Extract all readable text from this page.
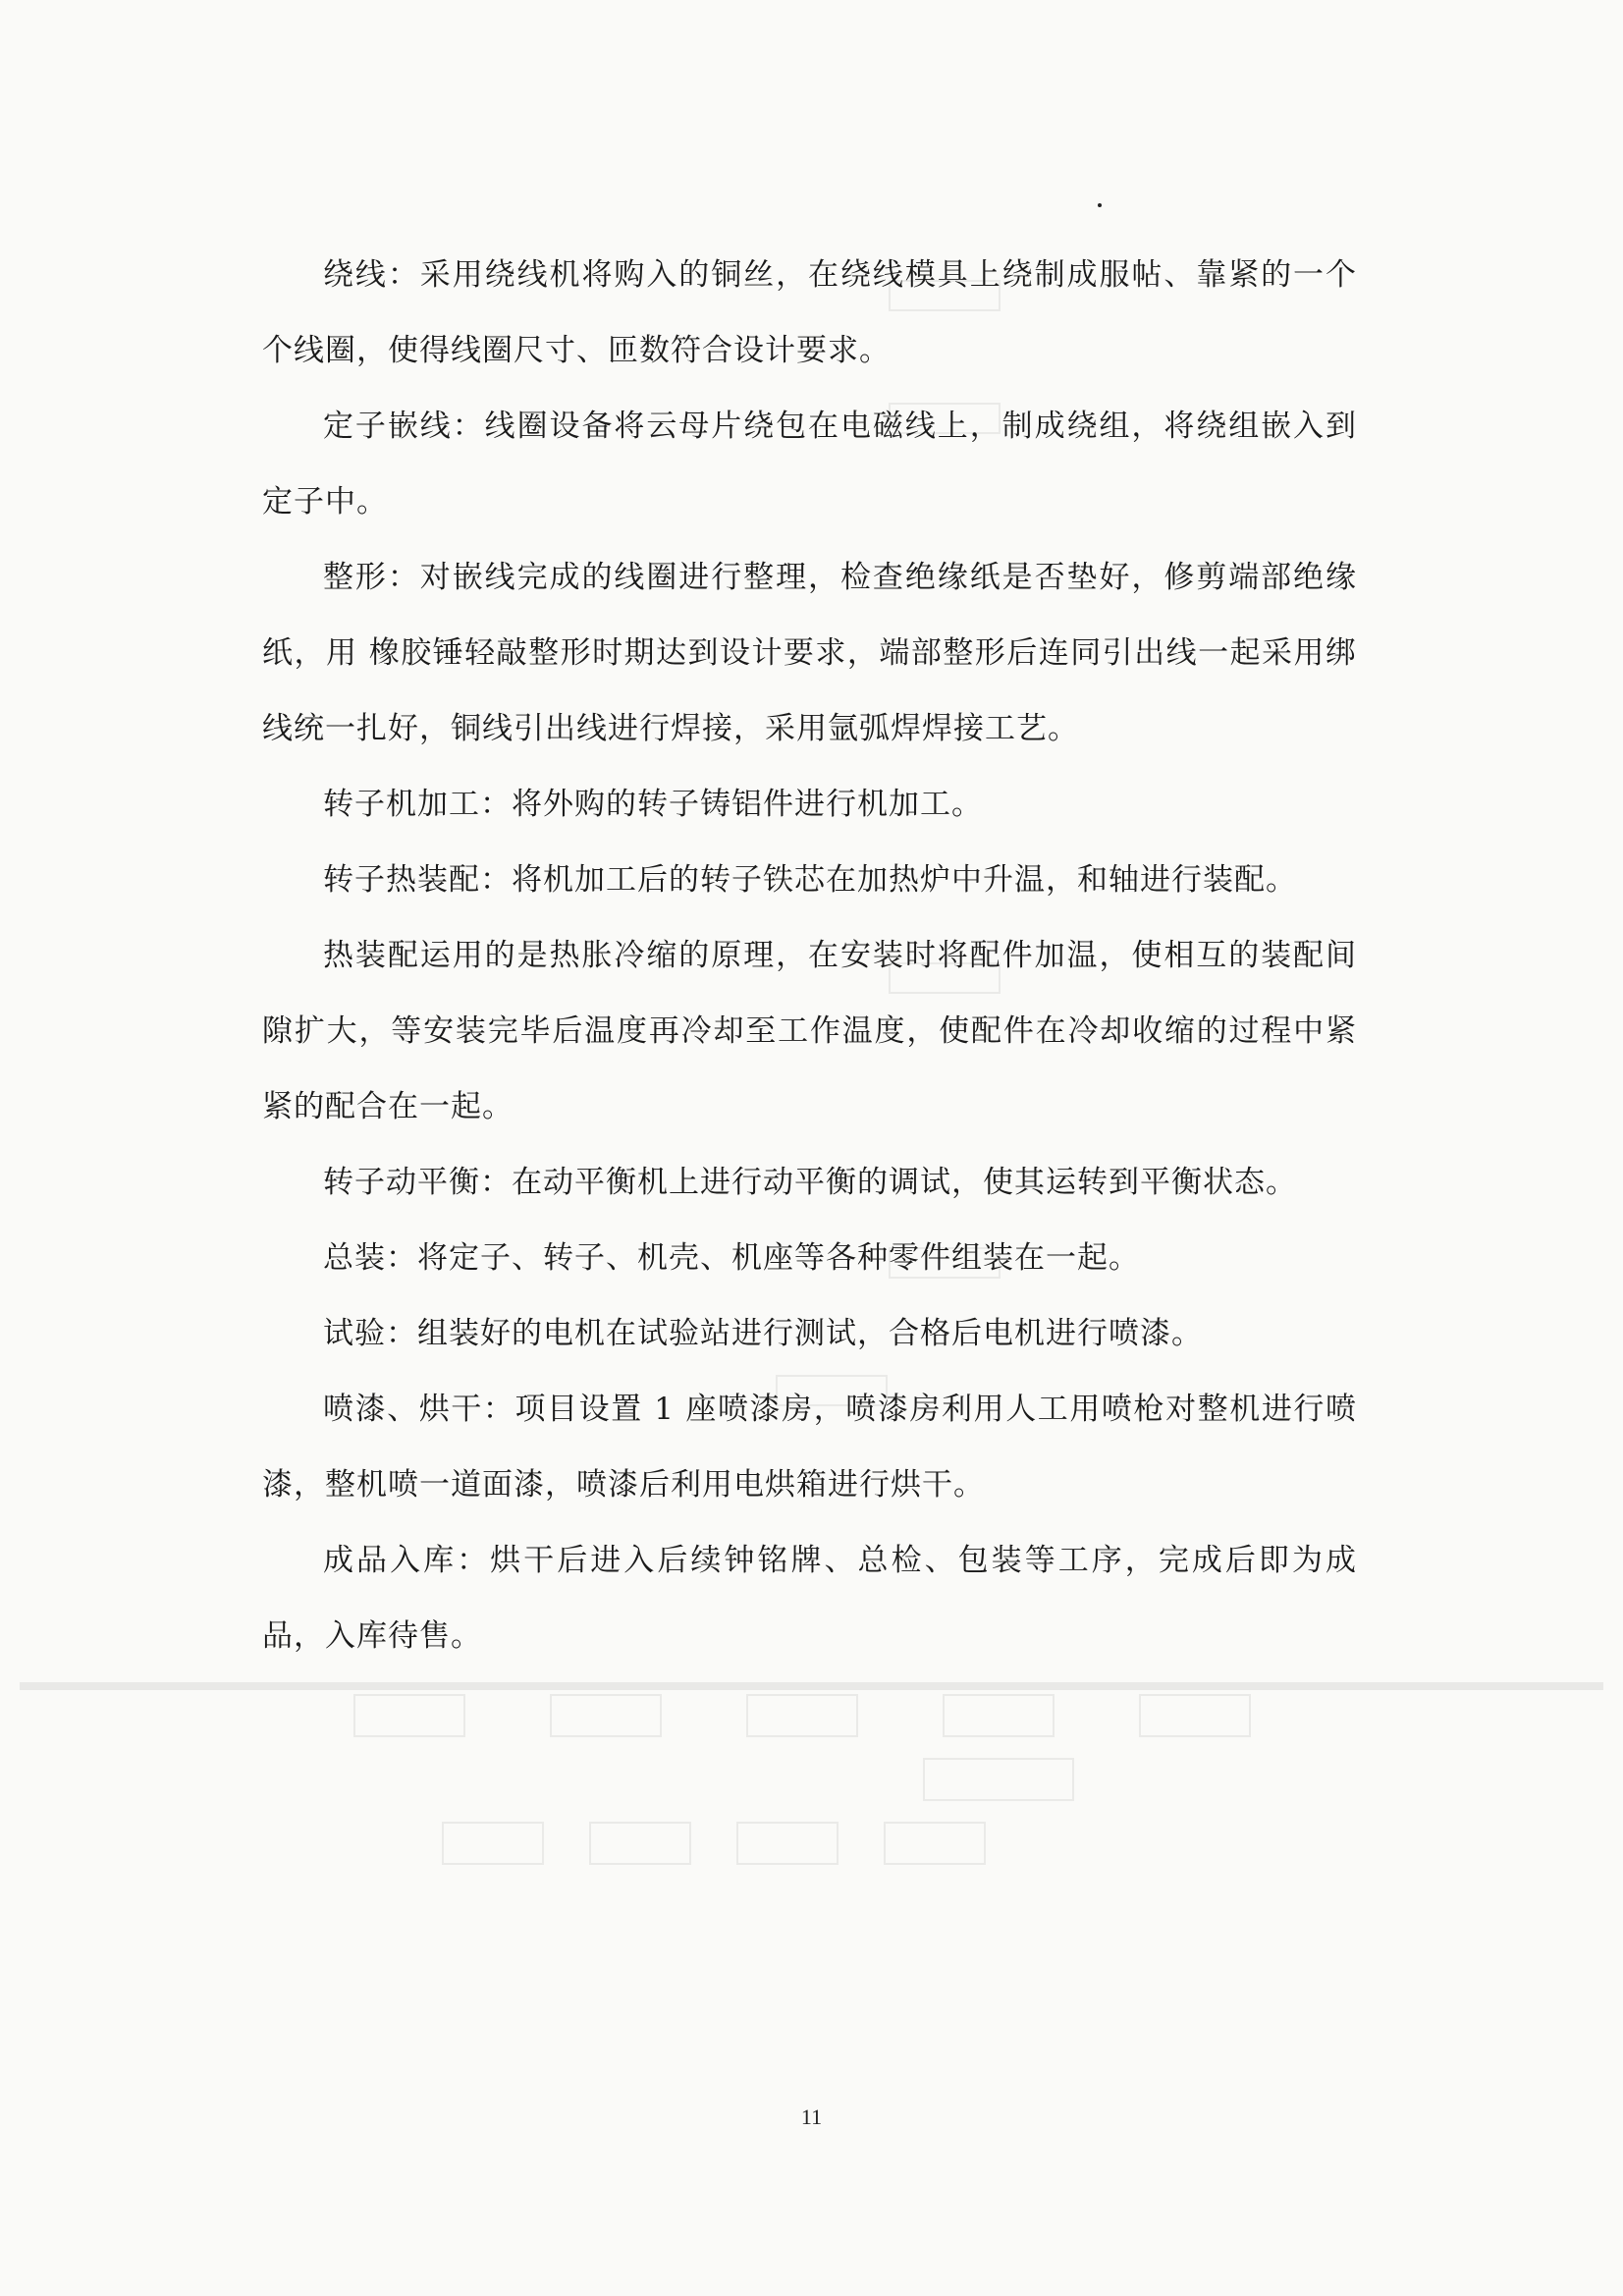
绕线：采用绕线机将购入的铜丝，在绕线模具上绕制成服帖、靠紧的一个个线圈，使得线圈尺寸、匝数符合设计要求。

定子嵌线：线圈设备将云母片绕包在电磁线上，制成绕组，将绕组嵌入到定子中。

整形：对嵌线完成的线圈进行整理，检查绝缘纸是否垫好，修剪端部绝缘纸，用 橡胶锤轻敲整形时期达到设计要求，端部整形后连同引出线一起采用绑线统一扎好，铜线引出线进行焊接，采用氩弧焊焊接工艺。

转子机加工：将外购的转子铸铝件进行机加工。

转子热装配：将机加工后的转子铁芯在加热炉中升温，和轴进行装配。

热装配运用的是热胀冷缩的原理，在安装时将配件加温，使相互的装配间隙扩大，等安装完毕后温度再冷却至工作温度，使配件在冷却收缩的过程中紧紧的配合在一起。

转子动平衡：在动平衡机上进行动平衡的调试，使其运转到平衡状态。

总装：将定子、转子、机壳、机座等各种零件组装在一起。

试验：组装好的电机在试验站进行测试，合格后电机进行喷漆。

喷漆、烘干：项目设置 1 座喷漆房，喷漆房利用人工用喷枪对整机进行喷漆，整机喷一道面漆，喷漆后利用电烘箱进行烘干。

成品入库：烘干后进入后续钟铭牌、总检、包装等工序，完成后即为成品，入库待售。

11
